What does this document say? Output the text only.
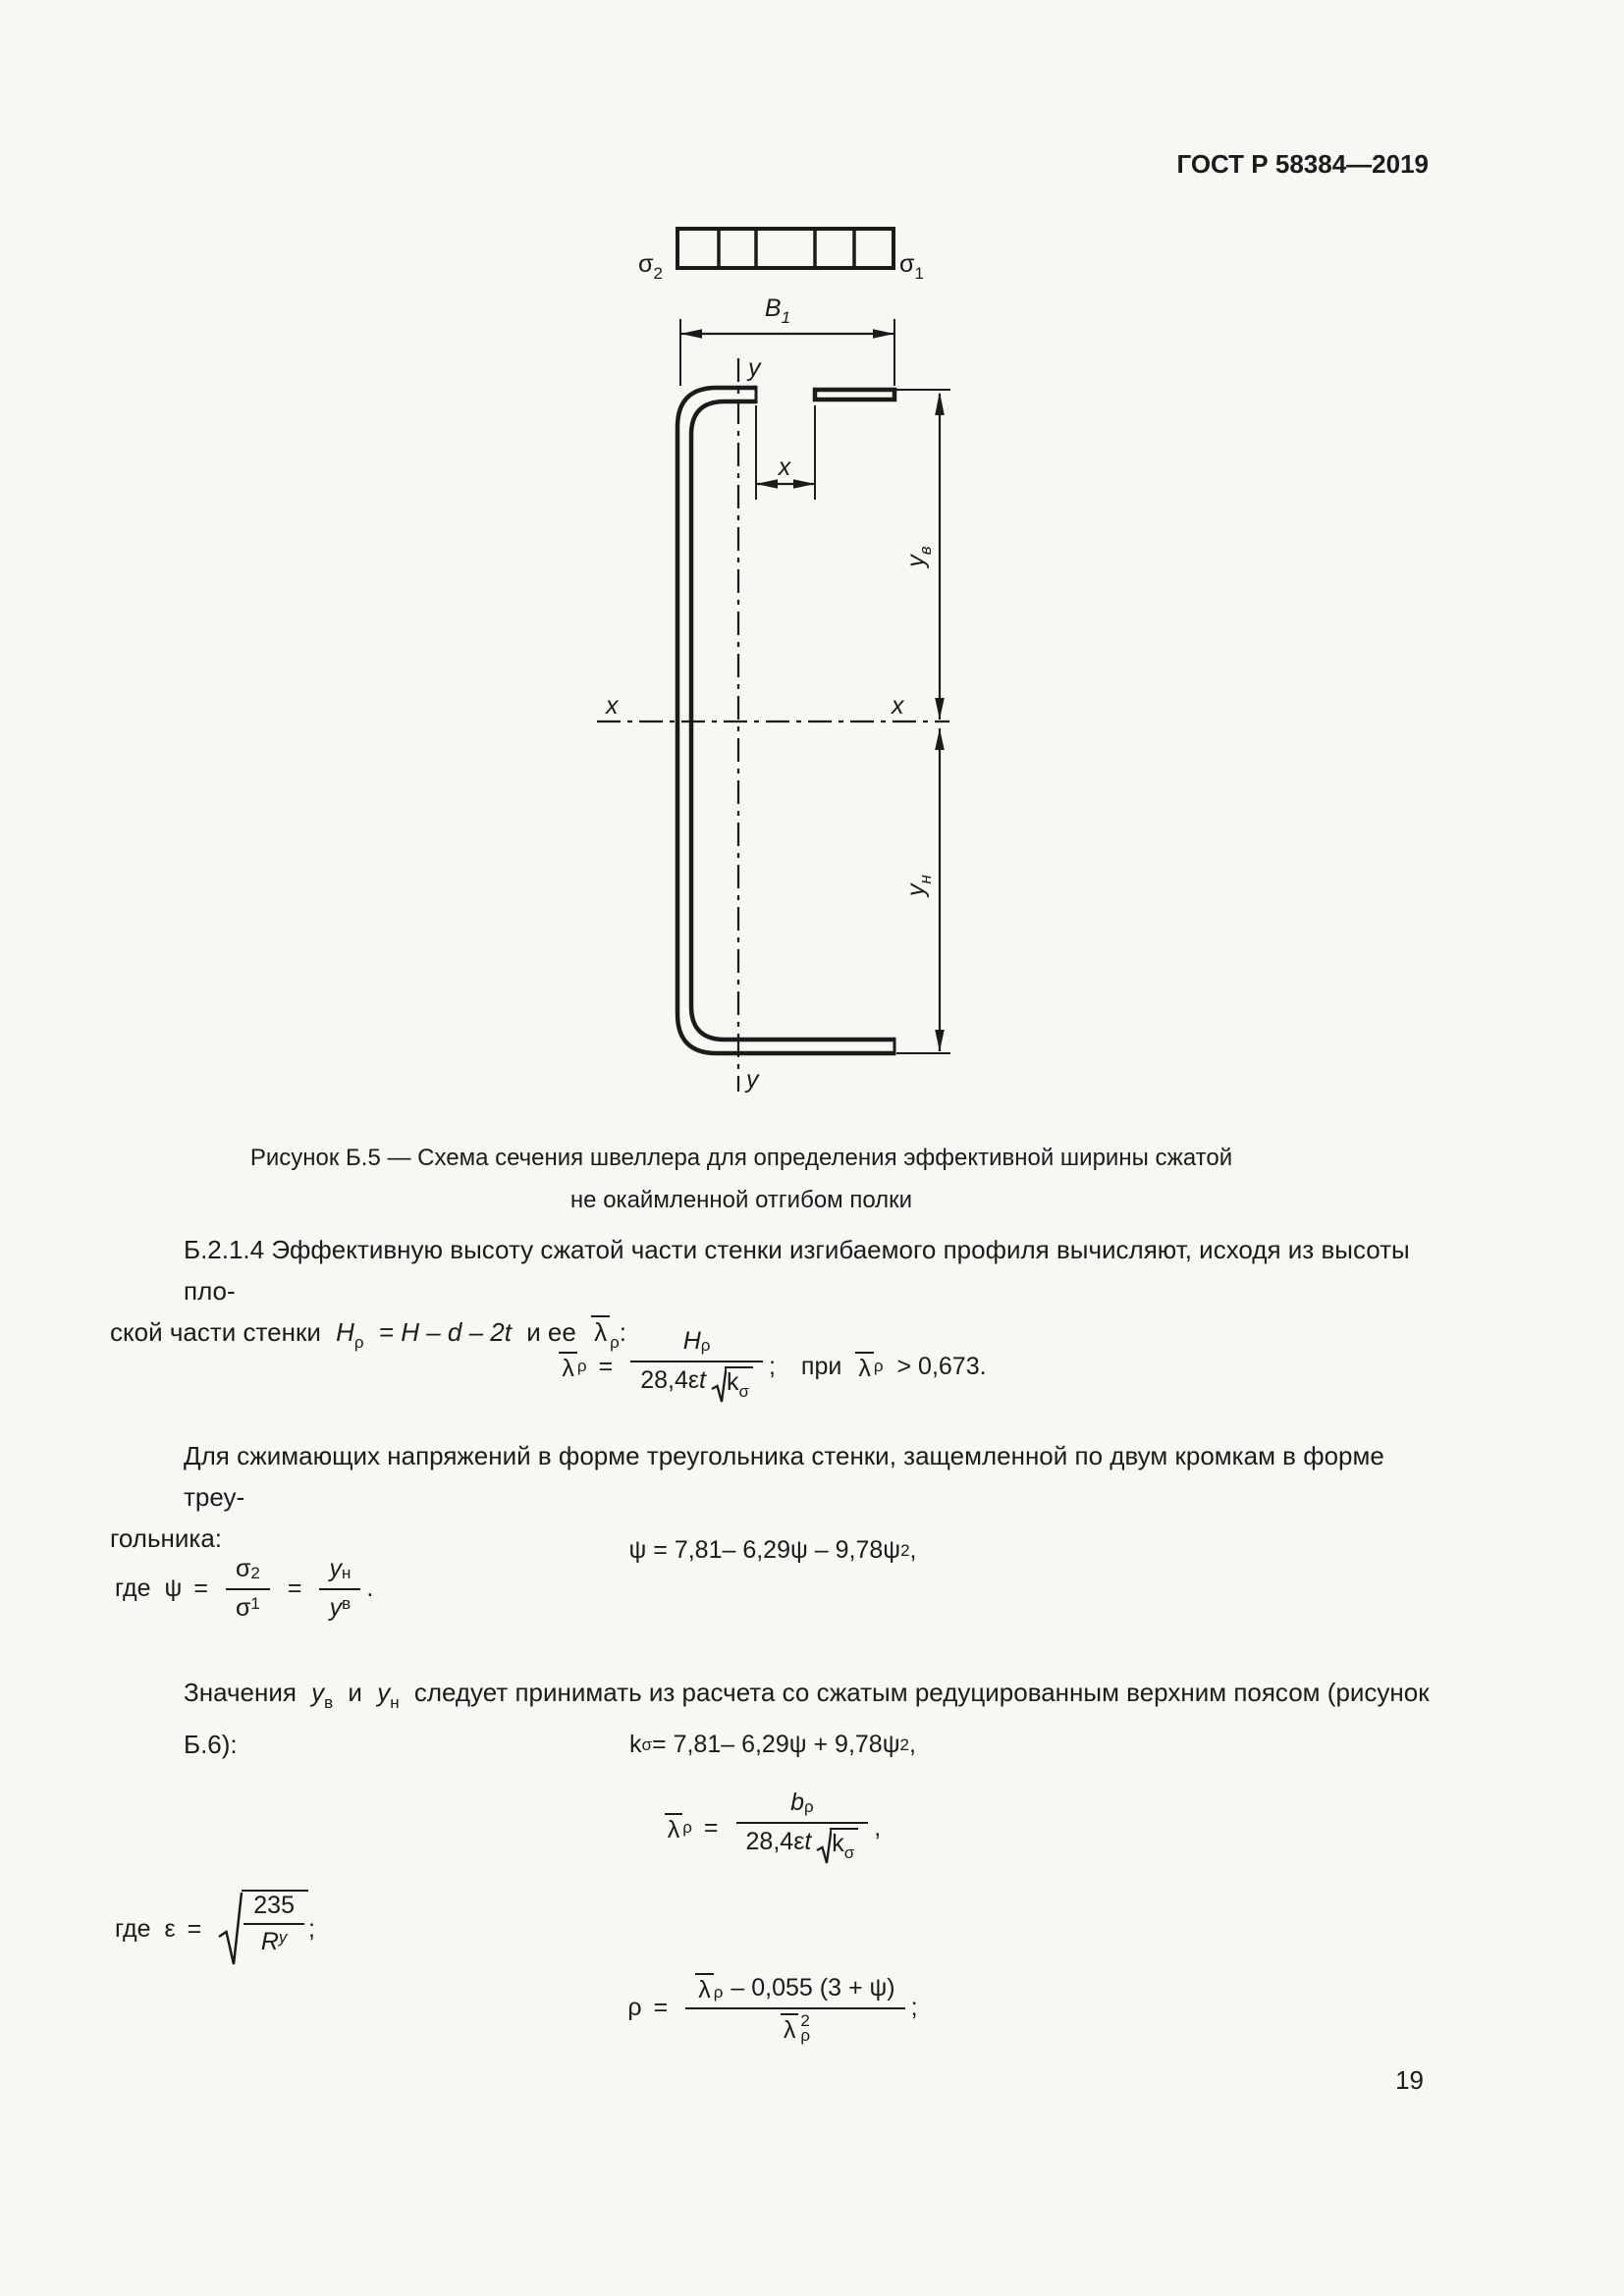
ГОСТ Р 58384—2019
$\sigma_2$	$\sigma_1$
$B_1$
x
x	x
y
y
$y_в$
$y_н$
Рисунок Б.5 — Схема сечения швеллера для определения эффективной ширины сжатой
не окаймленной отгибом полки
Б.2.1.4 Эффективную высоту сжатой части стенки изгибаемого профиля вычисляют, исходя из высоты пло-
ской части стенки $H_\rho = H - d - 2t$ и ее λ $_\rho$:
λ $\rho = \frac{\text{H ρ}}{28,4\varepsilon t k_\sigma}$ ; при λ ρ > 0,673.
Для сжимающих напряжений в форме треугольника стенки, защемленной по двум кромкам в форме треу-
гольника:	ψ = 7,81– 6,29ψ – 9,78ψ 2 ,
где $\psi = \frac{\sigma 2}{\sigma 1} = \frac{\text{y н}}{\text{y в}}$ .
Значения $y_в$ и $y_н$ следует принимать из расчета со сжатым редуцированным верхним поясом (рисунок Б.6):	k σ = 7,81– 6,29ψ + 9,78ψ 2 ,
λ $\rho = \frac{\text{b ρ}}{28,4\varepsilon t k_\sigma}$ ,
где $\varepsilon = \frac{235}{\text{R y}}$ ;
ρ = λ ρ – 0,055 (3 + ψ)
λ 2
ρ ;
19
